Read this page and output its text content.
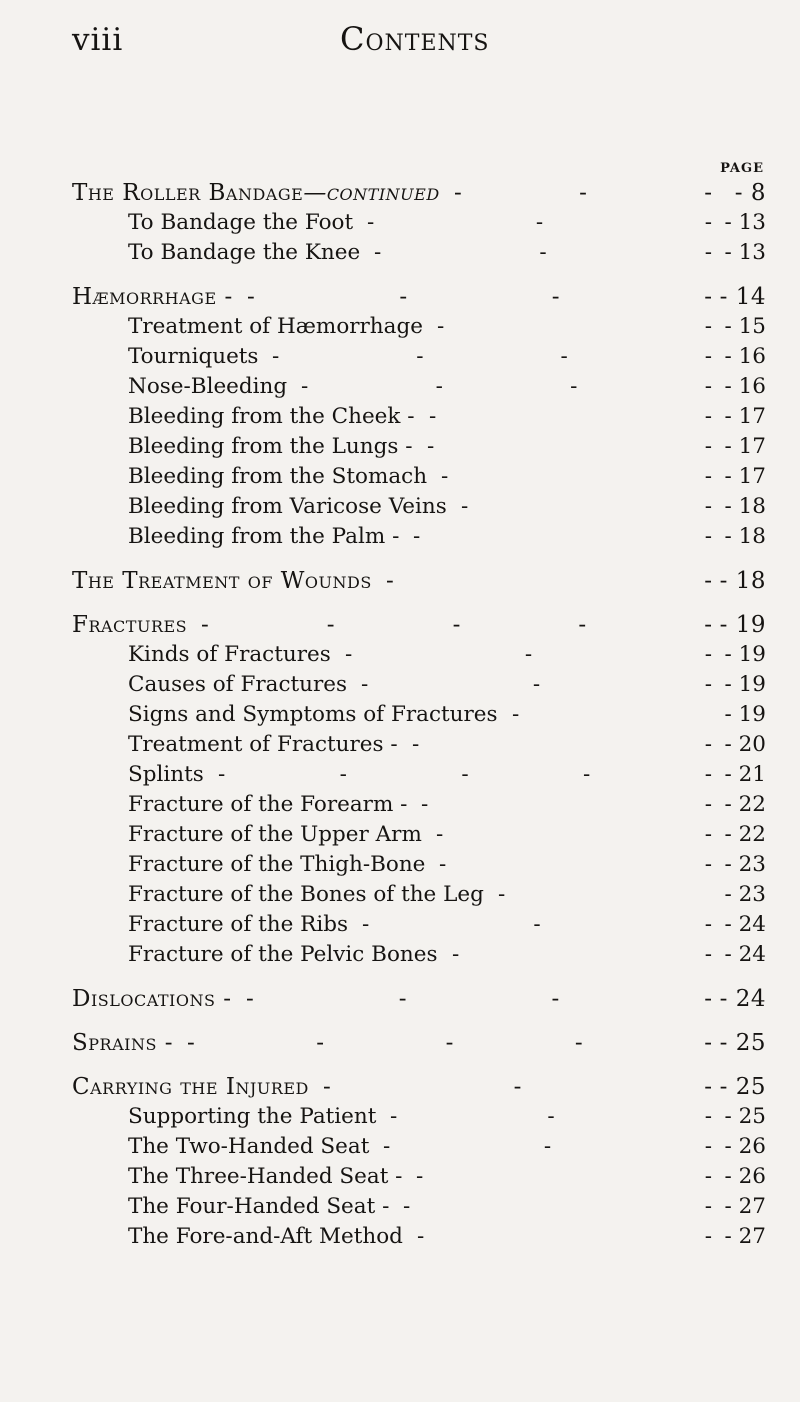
viii	Contents
PAGE
The Roller Bandage—continued - - - - 8
To Bandage the Foot - - - - 13
To Bandage the Knee - - - - 13
Hæmorrhage - - - - - - 14
Treatment of Hæmorrhage - - - 15
Tourniquets - - - - - 16
Nose-Bleeding - - - - - 16
Bleeding from the Cheek - - - - 17
Bleeding from the Lungs - - - - 17
Bleeding from the Stomach - - - 17
Bleeding from Varicose Veins - - - 18
Bleeding from the Palm - - - - 18
The Treatment of Wounds - - - 18
Fractures - - - - - - 19
Kinds of Fractures - - - - 19
Causes of Fractures - - - - 19
Signs and Symptoms of Fractures -	- 19
Treatment of Fractures - - - - 20
Splints - - - - - - 21
Fracture of the Forearm - - - - 22
Fracture of the Upper Arm - - - 22
Fracture of the Thigh-Bone - - - 23
Fracture of the Bones of the Leg -	- 23
Fracture of the Ribs - - - - 24
Fracture of the Pelvic Bones - - - 24
Dislocations - - - - - - 24
Sprains - - - - - - - 25
Carrying the Injured - - - - 25
Supporting the Patient - - - - 25
The Two-Handed Seat - - - - 26
The Three-Handed Seat - - - - 26
The Four-Handed Seat - - - - 27
The Fore-and-Aft Method - - - 27
